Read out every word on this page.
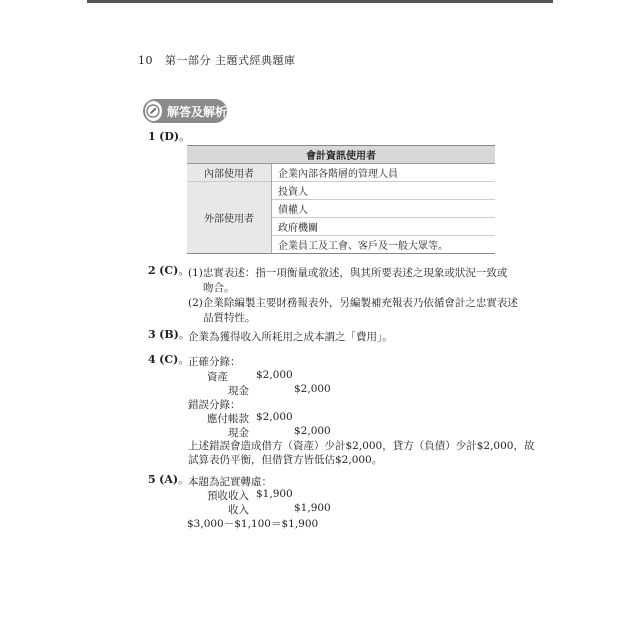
10 第一部分 主題式經典題庫
解答及解析
1 (D)。
會計資訊使用者	
內部使用者	企業內部各階層的管理人員
外部使用者	投資人
	債權人
	政府機關
	企業員工及工會、客戶及一般大眾等。
2 (C)。
(1)忠實表述：指一項衡量或敘述，與其所要表述之現象或狀況一致或
吻合。
(2)企業除編製主要財務報表外，另編製補充報表乃依循會計之忠實表述
品質特性。
3 (B)。
企業為獲得收入所耗用之成本謂之「費用」。
4 (C)。
正確分錄：
資產	$2,000
現金	$2,000
錯誤分錄：
應付帳款 $2,000
現金	$2,000
上述錯誤會造成借方（資產）少計$2,000，貸方（負債）少計$2,000，故
試算表仍平衡，但借貸方皆低估$2,000。
5 (A)。
本題為記實轉虛：
預收收入 $1,900
收入	$1,900
$3,000－$1,100＝$1,900
